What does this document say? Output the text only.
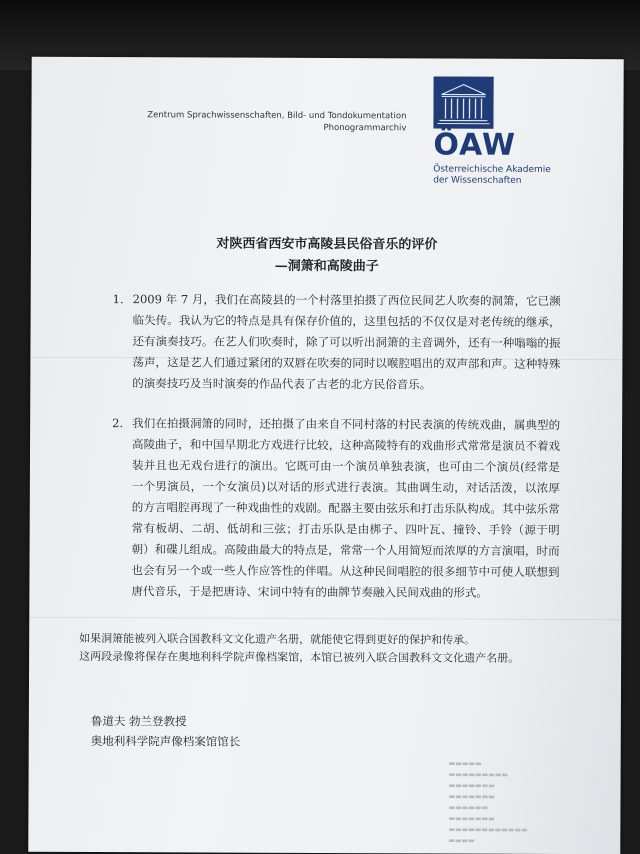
Zentrum Sprachwissenschaften, Bild- und Tondokumentation
Phonogrammarchiv ÖAW
Österreichische Akademie
der Wissenschaften
对陕西省西安市高陵县民俗音乐的评价
—洞箫和高陵曲子
1. 2009 年 7 月，我们在高陵县的一个村落里拍摄了西位民间艺人吹奏的洞箫，它已濒临失传。我认为它的特点是具有保存价值的，这里包括的不仅仅是对老传统的继承，还有演奏技巧。在艺人们吹奏时，除了可以听出洞箫的主音调外，还有一种嗡嗡的振荡声，这是艺人们通过紧闭的双唇在吹奏的同时以喉腔唱出的双声部和声。这种特殊的演奏技巧及当时演奏的作品代表了古老的北方民俗音乐。
2. 我们在拍摄洞箫的同时，还拍摄了由来自不同村落的村民表演的传统戏曲，属典型的高陵曲子，和中国早期北方戏进行比较，这种高陵特有的戏曲形式常常是演员不着戏装并且也无戏台进行的演出。它既可由一个演员单独表演，也可由二个演员(经常是一个男演员，一个女演员)以对话的形式进行表演。其曲调生动，对话活泼，以浓厚的方言唱腔再现了一种戏曲性的戏剧。配器主要由弦乐和打击乐队构成。其中弦乐常常有板胡、二胡、低胡和三弦；打击乐队是由梆子、四叶瓦、撞铃、手铃（源于明朝）和碟儿组成。高陵曲最大的特点是，常常一个人用简短而浓厚的方言演唱，时而也会有另一个或一些人作应答性的伴唱。从这种民间唱腔的很多细节中可使人联想到唐代音乐，于是把唐诗、宋词中特有的曲牌节奏融入民间戏曲的形式。
如果洞箫能被列入联合国教科文文化遗产名册，就能使它得到更好的保护和传承。
这两段录像将保存在奥地利科学院声像档案馆，本馆已被列入联合国教科文文化遗产名册。
鲁道夫 勃兰登教授
奥地利科学院声像档案馆馆长
▬▬▬▬▬
▬▬▬▬▬▬▬▬▬
▬▬▬▬▬▬▬
▬▬▬▬▬▬▬
▬▬▬▬▬▬
▬▬▬▬▬▬▬
▬▬▬▬▬▬▬▬▬▬▬▬
▬▬▬▬
